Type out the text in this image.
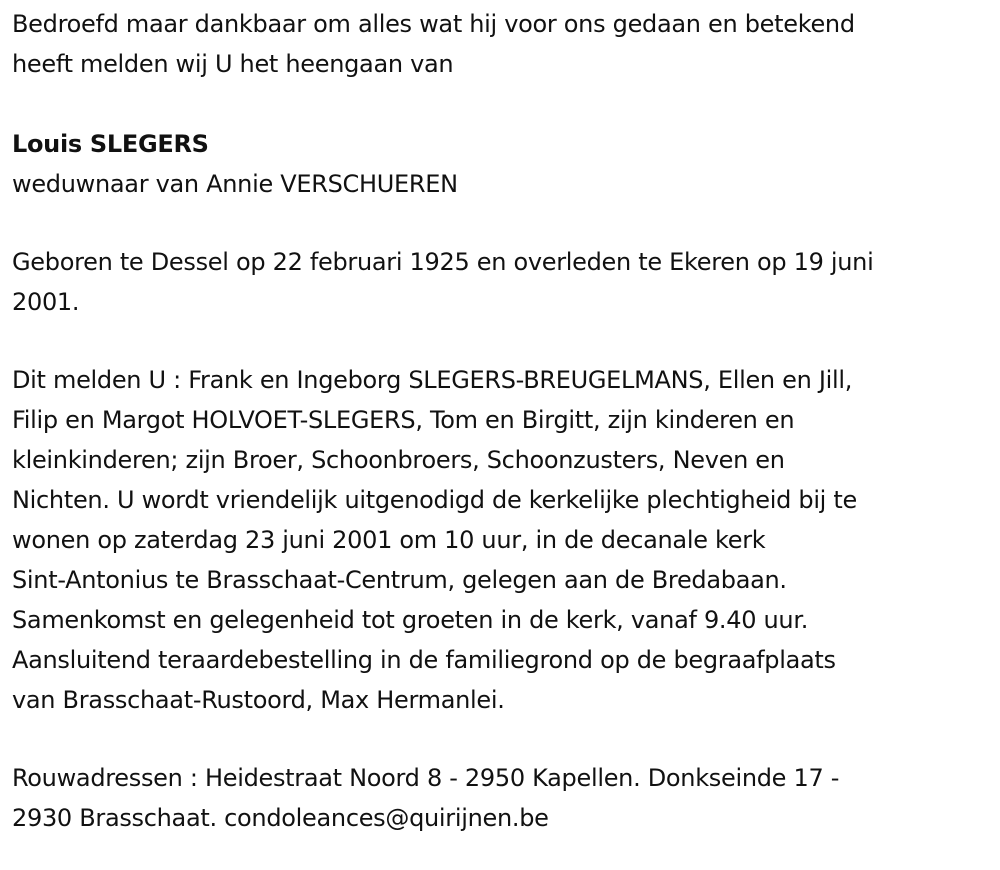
Bedroefd maar dankbaar om alles wat hij voor ons gedaan en betekend

heeft melden wij U het heengaan van

Louis SLEGERS

weduwnaar van Annie VERSCHUEREN

Geboren te Dessel op 22 februari 1925 en overleden te Ekeren op 19 juni

2001.

Dit melden U : Frank en Ingeborg SLEGERS-BREUGELMANS, Ellen en Jill,

Filip en Margot HOLVOET-SLEGERS, Tom en Birgitt, zijn kinderen en

kleinkinderen; zijn Broer, Schoonbroers, Schoonzusters, Neven en

Nichten. U wordt vriendelijk uitgenodigd de kerkelijke plechtigheid bij te

wonen op zaterdag 23 juni 2001 om 10 uur, in de decanale kerk

Sint-Antonius te Brasschaat-Centrum, gelegen aan de Bredabaan.

Samenkomst en gelegenheid tot groeten in de kerk, vanaf 9.40 uur.

Aansluitend teraardebestelling in de familiegrond op de begraafplaats

van Brasschaat-Rustoord, Max Hermanlei.

Rouwadressen : Heidestraat Noord 8 - 2950 Kapellen. Donkseinde 17 -

2930 Brasschaat. condoleances@quirijnen.be
